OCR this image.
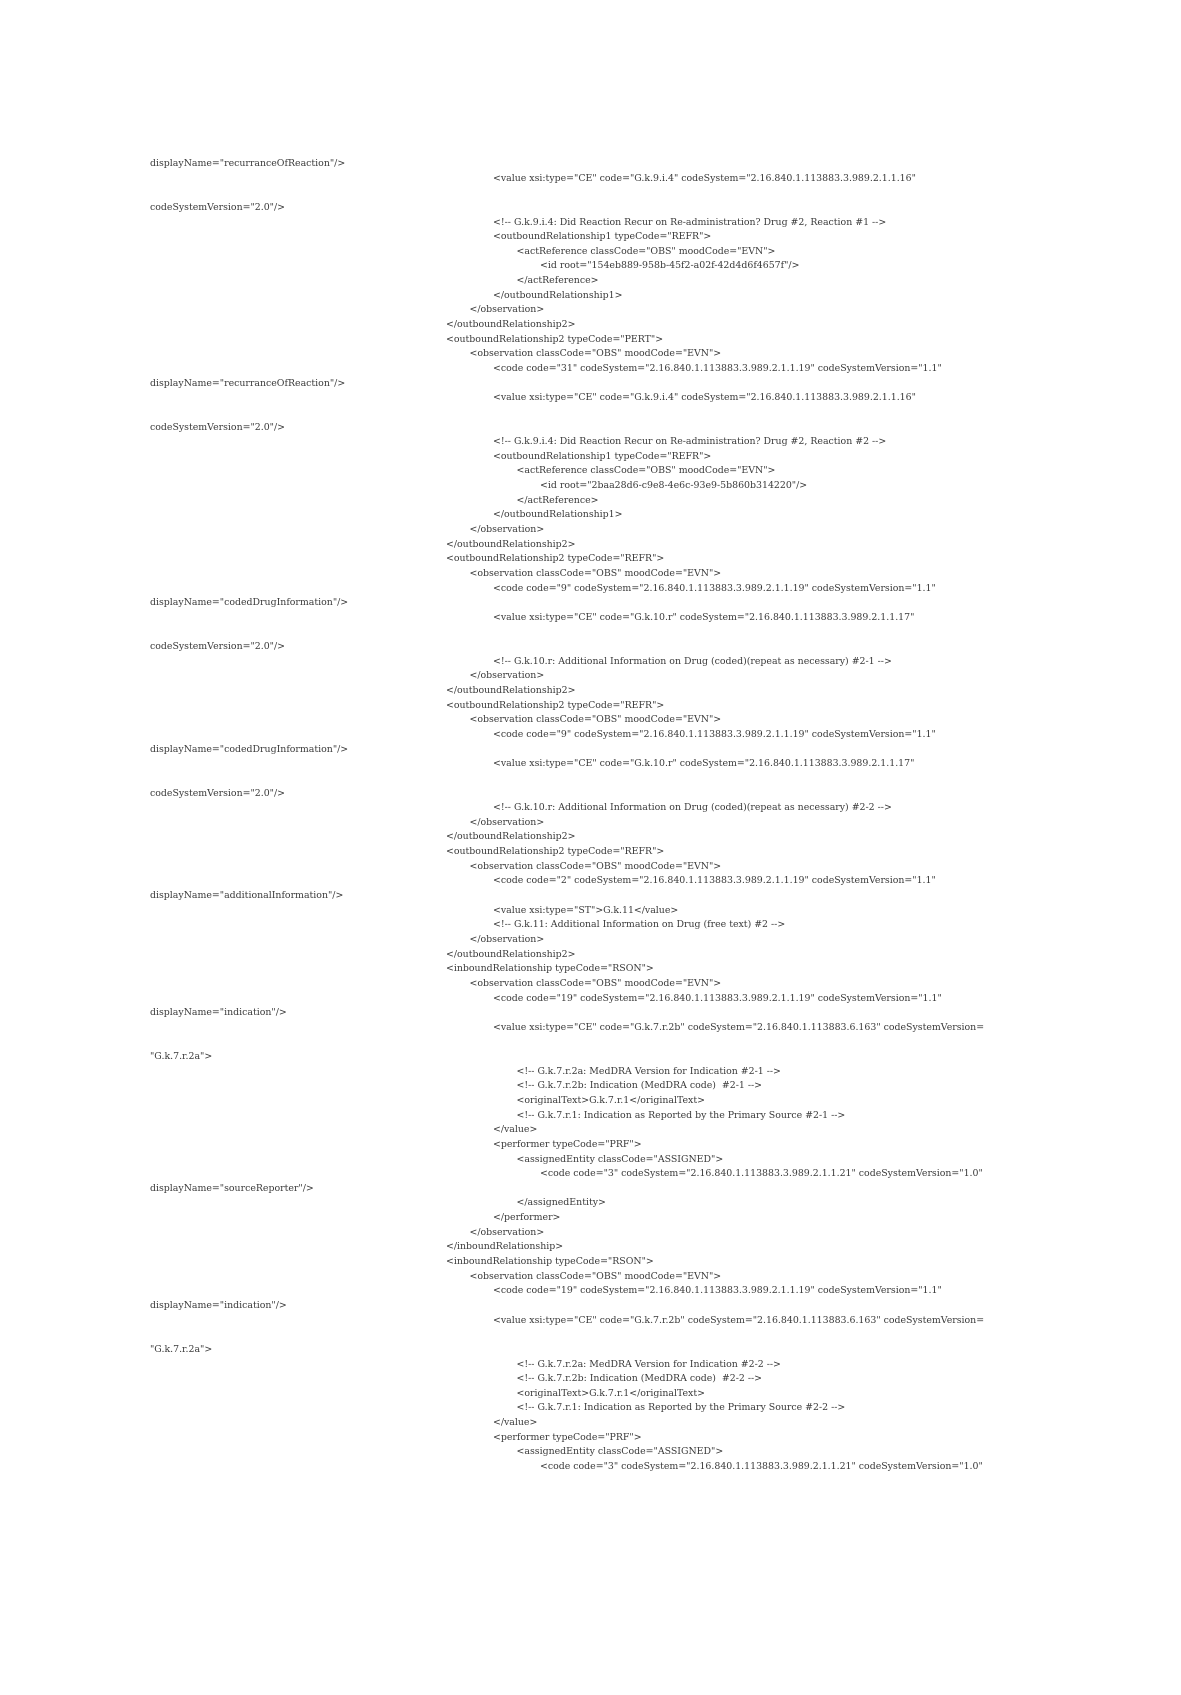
displayName="recurranceOfReaction"/>
<value xsi:type="CE" code="G.k.9.i.4" codeSystem="2.16.840.1.113883.3.989.2.1.1.16"
codeSystemVersion="2.0"/>
<!-- G.k.9.i.4: Did Reaction Recur on Re-administration? Drug #2, Reaction #1 -->
<outboundRelationship1 typeCode="REFR">
<actReference classCode="OBS" moodCode="EVN">
<id root="154eb889-958b-45f2-a02f-42d4d6f4657f"/>
</actReference>
</outboundRelationship1>
</observation>
</outboundRelationship2>
<outboundRelationship2 typeCode="PERT">
<observation classCode="OBS" moodCode="EVN">
<code code="31" codeSystem="2.16.840.1.113883.3.989.2.1.1.19" codeSystemVersion="1.1"
displayName="recurranceOfReaction"/>
<value xsi:type="CE" code="G.k.9.i.4" codeSystem="2.16.840.1.113883.3.989.2.1.1.16"
codeSystemVersion="2.0"/>
<!-- G.k.9.i.4: Did Reaction Recur on Re-administration? Drug #2, Reaction #2 -->
<outboundRelationship1 typeCode="REFR">
<actReference classCode="OBS" moodCode="EVN">
<id root="2baa28d6-c9e8-4e6c-93e9-5b860b314220"/>
</actReference>
</outboundRelationship1>
</observation>
</outboundRelationship2>
<outboundRelationship2 typeCode="REFR">
<observation classCode="OBS" moodCode="EVN">
<code code="9" codeSystem="2.16.840.1.113883.3.989.2.1.1.19" codeSystemVersion="1.1"
displayName="codedDrugInformation"/>
<value xsi:type="CE" code="G.k.10.r" codeSystem="2.16.840.1.113883.3.989.2.1.1.17"
codeSystemVersion="2.0"/>
<!-- G.k.10.r: Additional Information on Drug (coded)(repeat as necessary) #2-1 -->
</observation>
</outboundRelationship2>
<outboundRelationship2 typeCode="REFR">
<observation classCode="OBS" moodCode="EVN">
<code code="9" codeSystem="2.16.840.1.113883.3.989.2.1.1.19" codeSystemVersion="1.1"
displayName="codedDrugInformation"/>
<value xsi:type="CE" code="G.k.10.r" codeSystem="2.16.840.1.113883.3.989.2.1.1.17"
codeSystemVersion="2.0"/>
<!-- G.k.10.r: Additional Information on Drug (coded)(repeat as necessary) #2-2 -->
</observation>
</outboundRelationship2>
<outboundRelationship2 typeCode="REFR">
<observation classCode="OBS" moodCode="EVN">
<code code="2" codeSystem="2.16.840.1.113883.3.989.2.1.1.19" codeSystemVersion="1.1"
displayName="additionalInformation"/>
<value xsi:type="ST">G.k.11</value>
<!-- G.k.11: Additional Information on Drug (free text) #2 -->
</observation>
</outboundRelationship2>
<inboundRelationship typeCode="RSON">
<observation classCode="OBS" moodCode="EVN">
<code code="19" codeSystem="2.16.840.1.113883.3.989.2.1.1.19" codeSystemVersion="1.1"
displayName="indication"/>
<value xsi:type="CE" code="G.k.7.r.2b" codeSystem="2.16.840.1.113883.6.163" codeSystemVersion=
"G.k.7.r.2a">
<!-- G.k.7.r.2a: MedDRA Version for Indication #2-1 -->
<!-- G.k.7.r.2b: Indication (MedDRA code)  #2-1 -->
<originalText>G.k.7.r.1</originalText>
<!-- G.k.7.r.1: Indication as Reported by the Primary Source #2-1 -->
</value>
<performer typeCode="PRF">
<assignedEntity classCode="ASSIGNED">
<code code="3" codeSystem="2.16.840.1.113883.3.989.2.1.1.21" codeSystemVersion="1.0"
displayName="sourceReporter"/>
</assignedEntity>
</performer>
</observation>
</inboundRelationship>
<inboundRelationship typeCode="RSON">
<observation classCode="OBS" moodCode="EVN">
<code code="19" codeSystem="2.16.840.1.113883.3.989.2.1.1.19" codeSystemVersion="1.1"
displayName="indication"/>
<value xsi:type="CE" code="G.k.7.r.2b" codeSystem="2.16.840.1.113883.6.163" codeSystemVersion=
"G.k.7.r.2a">
<!-- G.k.7.r.2a: MedDRA Version for Indication #2-2 -->
<!-- G.k.7.r.2b: Indication (MedDRA code)  #2-2 -->
<originalText>G.k.7.r.1</originalText>
<!-- G.k.7.r.1: Indication as Reported by the Primary Source #2-2 -->
</value>
<performer typeCode="PRF">
<assignedEntity classCode="ASSIGNED">
<code code="3" codeSystem="2.16.840.1.113883.3.989.2.1.1.21" codeSystemVersion="1.0"
